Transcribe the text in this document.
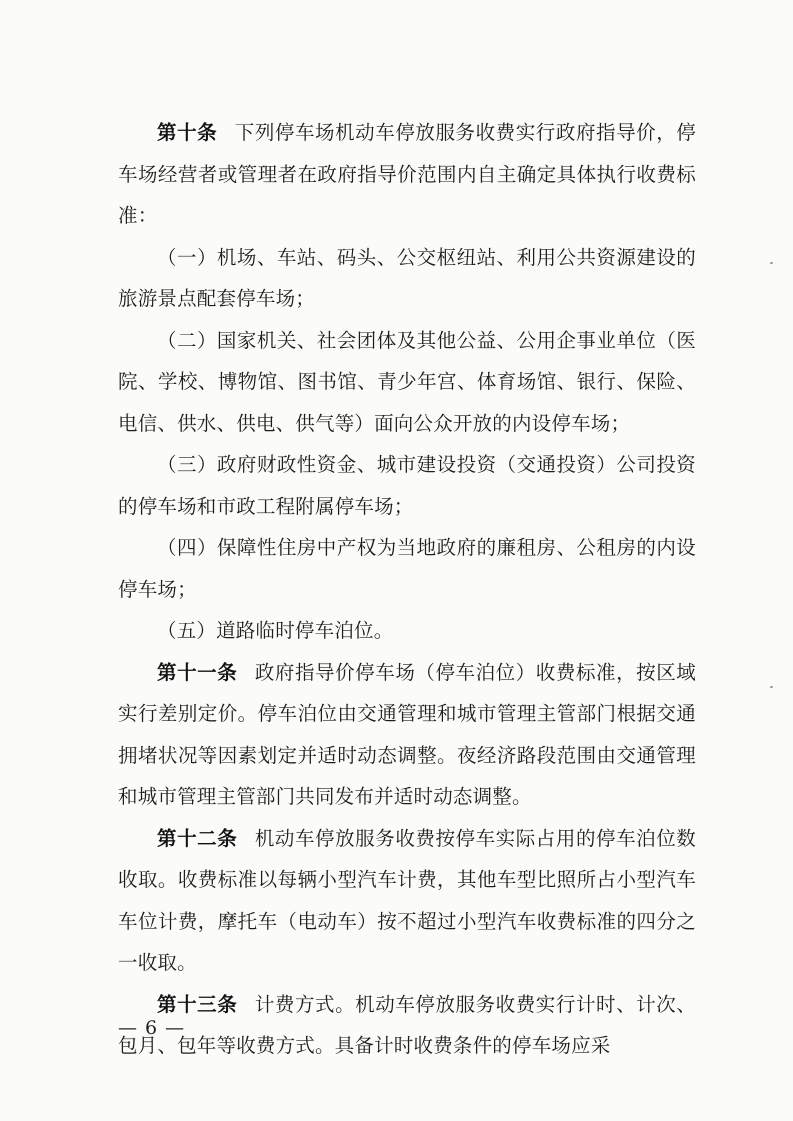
第十条 下列停车场机动车停放服务收费实行政府指导价，停车场经营者或管理者在政府指导价范围内自主确定具体执行收费标准：

（一）机场、车站、码头、公交枢纽站、利用公共资源建设的旅游景点配套停车场；

（二）国家机关、社会团体及其他公益、公用企事业单位（医院、学校、博物馆、图书馆、青少年宫、体育场馆、银行、保险、电信、供水、供电、供气等）面向公众开放的内设停车场；

（三）政府财政性资金、城市建设投资（交通投资）公司投资的停车场和市政工程附属停车场；

（四）保障性住房中产权为当地政府的廉租房、公租房的内设停车场；

（五）道路临时停车泊位。

第十一条 政府指导价停车场（停车泊位）收费标准，按区域实行差别定价。停车泊位由交通管理和城市管理主管部门根据交通拥堵状况等因素划定并适时动态调整。夜经济路段范围由交通管理和城市管理主管部门共同发布并适时动态调整。

第十二条 机动车停放服务收费按停车实际占用的停车泊位数收取。收费标准以每辆小型汽车计费，其他车型比照所占小型汽车车位计费，摩托车（电动车）按不超过小型汽车收费标准的四分之一收取。

第十三条 计费方式。机动车停放服务收费实行计时、计次、包月、包年等收费方式。具备计时收费条件的停车场应采

— 6 —
